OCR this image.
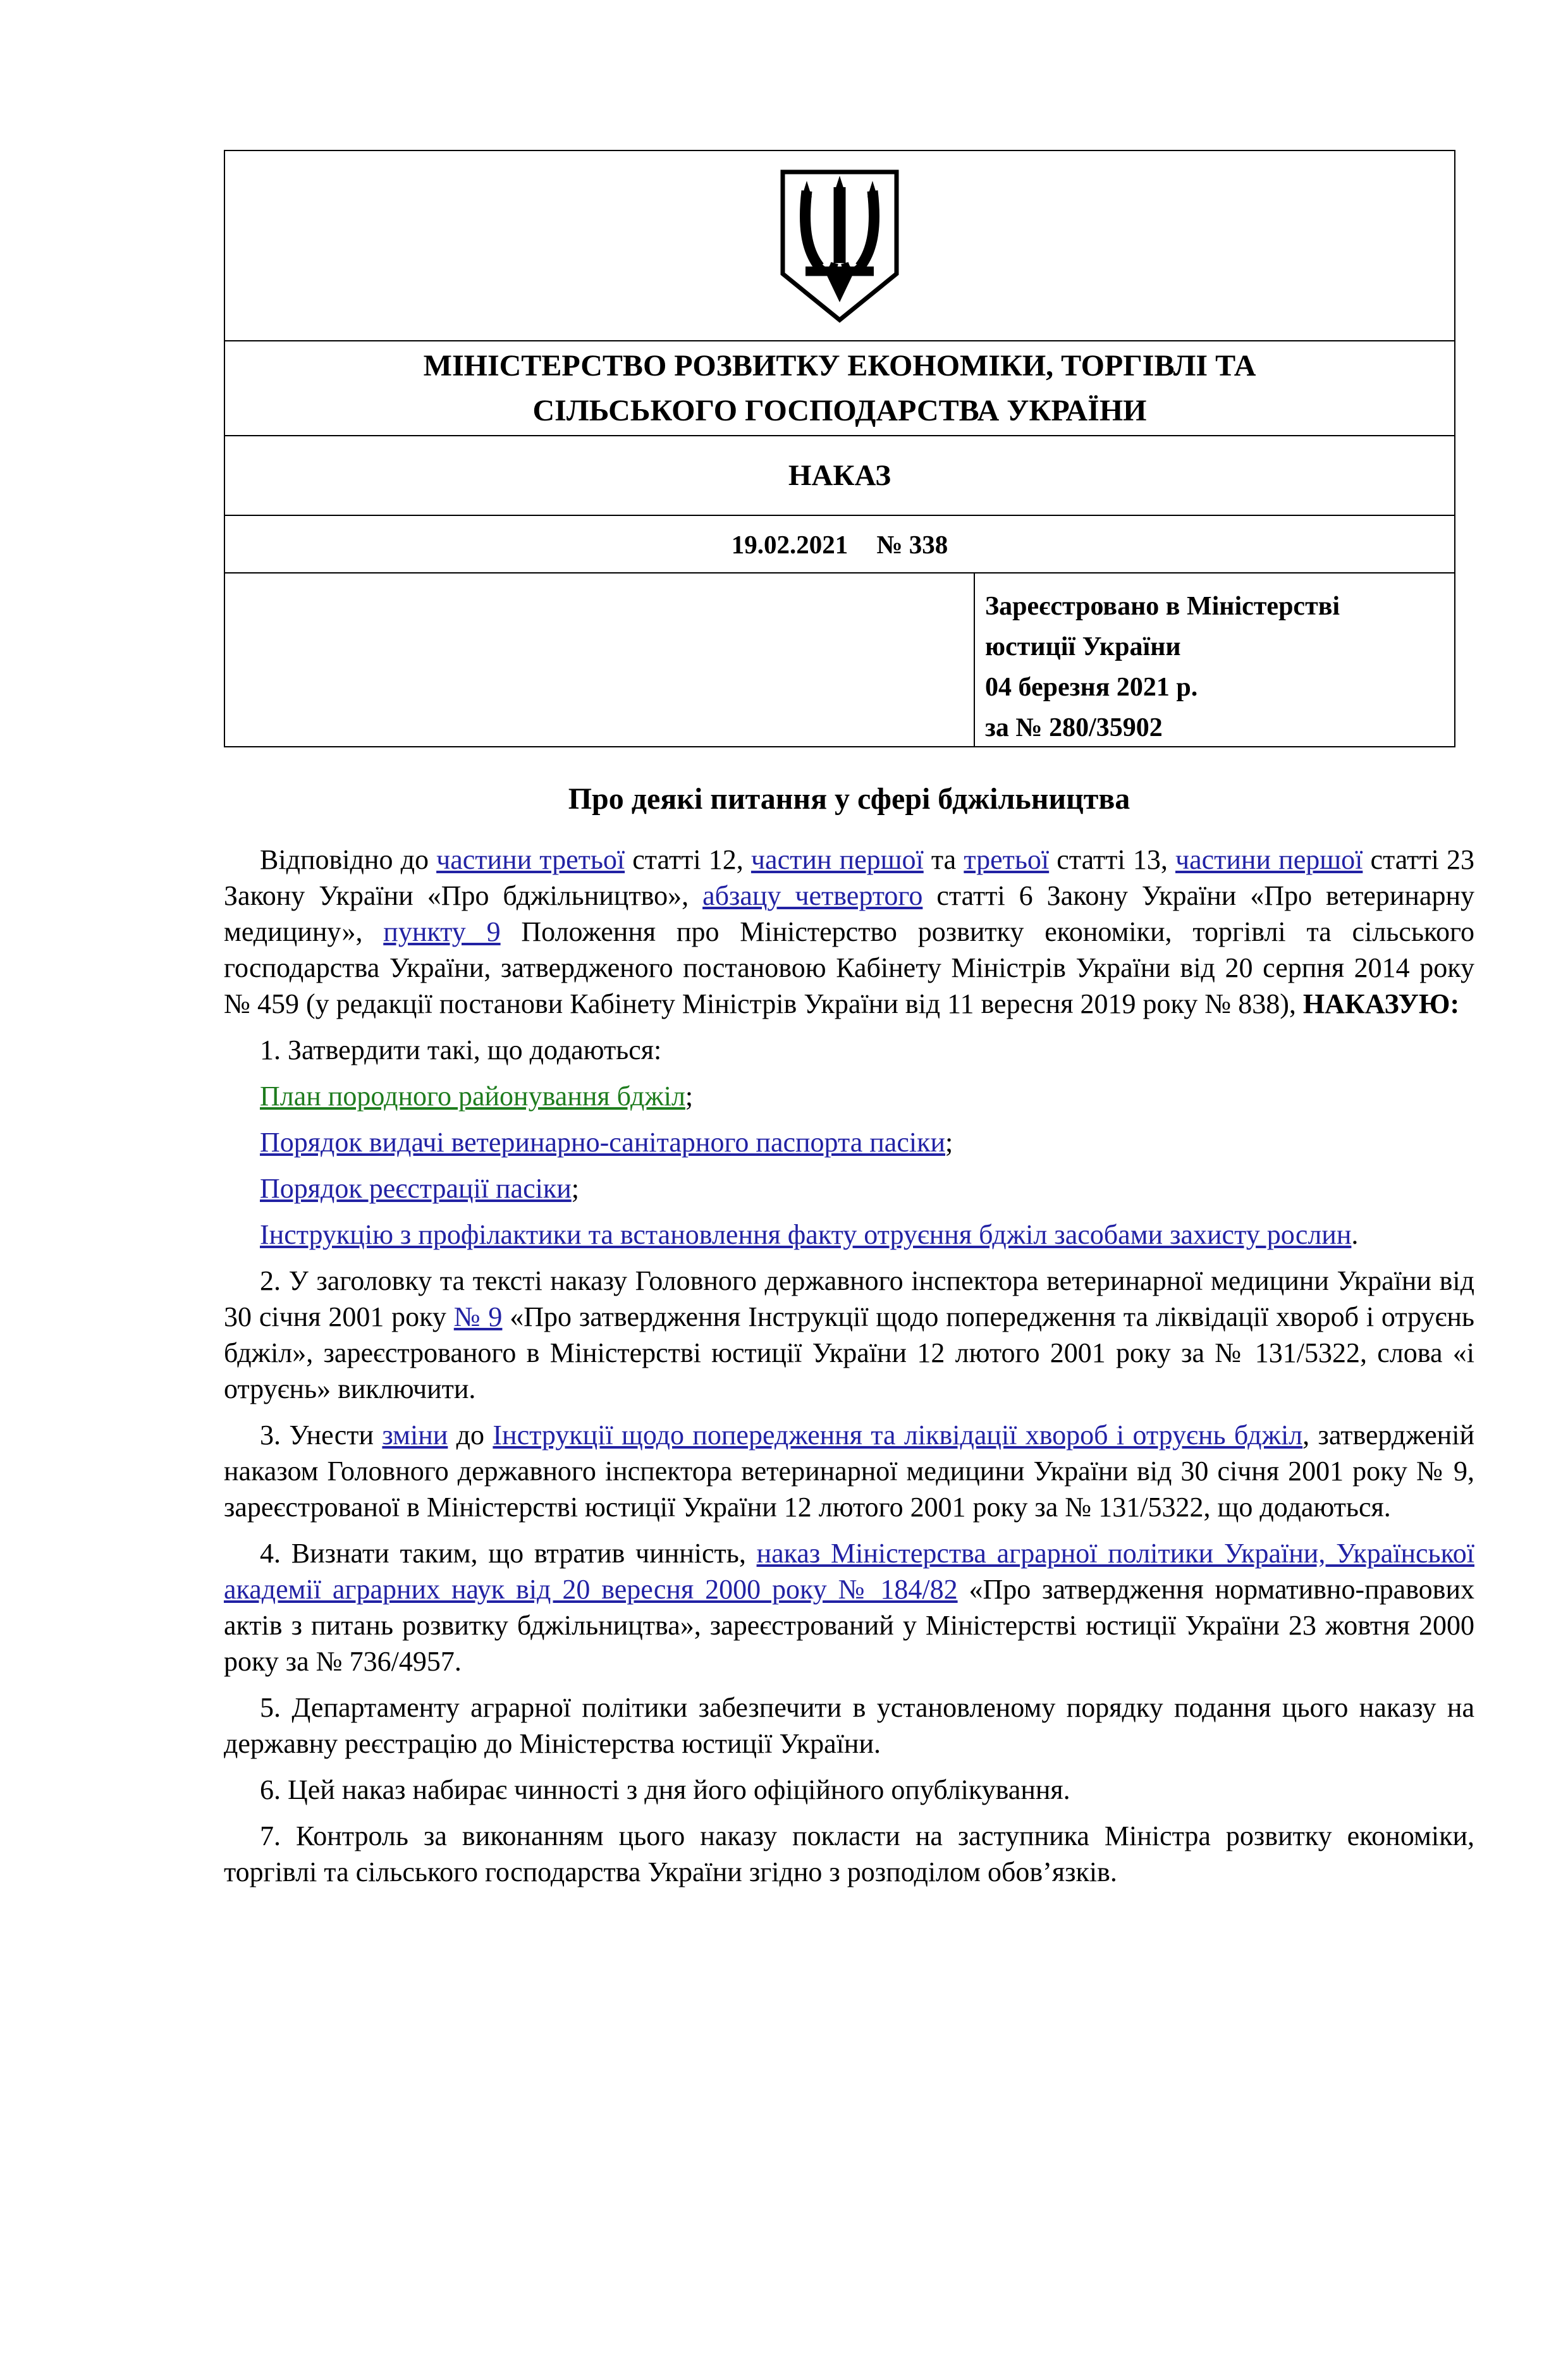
МІНІСТЕРСТВО РОЗВИТКУ ЕКОНОМІКИ, ТОРГІВЛІ ТА
СІЛЬСЬКОГО ГОСПОДАРСТВА УКРАЇНИ
НАКАЗ
19.02.2021 № 338
Зареєстровано в Міністерстві
юстиції України
04 березня 2021 р.
за № 280/35902
Про деякі питання у сфері бджільництва

Відповідно до частини третьої статті 12, частин першої та третьої статті 13, частини першої статті 23 Закону України «Про бджільництво», абзацу четвертого статті 6 Закону України «Про ветеринарну медицину», пункту 9 Положення про Міністерство розвитку економіки, торгівлі та сільського господарства України, затвердженого постановою Кабінету Міністрів України від 20 серпня 2014 року № 459 (у редакції постанови Кабінету Міністрів України від 11 вересня 2019 року № 838), НАКАЗУЮ:

1. Затвердити такі, що додаються:

План породного районування бджіл;

Порядок видачі ветеринарно-санітарного паспорта пасіки;

Порядок реєстрації пасіки;

Інструкцію з профілактики та встановлення факту отруєння бджіл засобами захисту рослин.

2. У заголовку та тексті наказу Головного державного інспектора ветеринарної медицини України від 30 січня 2001 року № 9 «Про затвердження Інструкції щодо попередження та ліквідації хвороб і отруєнь бджіл», зареєстрованого в Міністерстві юстиції України 12 лютого 2001 року за № 131/5322, слова «і отруєнь» виключити.

3. Унести зміни до Інструкції щодо попередження та ліквідації хвороб і отруєнь бджіл, затвердженій наказом Головного державного інспектора ветеринарної медицини України від 30 січня 2001 року № 9, зареєстрованої в Міністерстві юстиції України 12 лютого 2001 року за № 131/5322, що додаються.

4. Визнати таким, що втратив чинність, наказ Міністерства аграрної політики України, Української академії аграрних наук від 20 вересня 2000 року № 184/82 «Про затвердження нормативно-правових актів з питань розвитку бджільництва», зареєстрований у Міністерстві юстиції України 23 жовтня 2000 року за № 736/4957.

5. Департаменту аграрної політики забезпечити в установленому порядку подання цього наказу на державну реєстрацію до Міністерства юстиції України.

6. Цей наказ набирає чинності з дня його офіційного опублікування.

7. Контроль за виконанням цього наказу покласти на заступника Міністра розвитку економіки, торгівлі та сільського господарства України згідно з розподілом обов’язків.
